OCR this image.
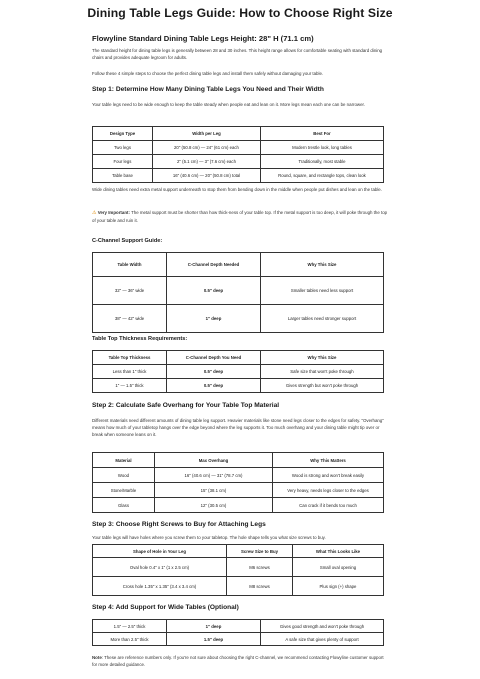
Dining Table Legs Guide: How to Choose Right Size
Flowyline Standard Dining Table Legs Height: 28" H (71.1 cm)
The standard height for dining table legs is generally between 28 and 30 inches. This height range allows for comfortable seating with standard dining chairs and provides adequate legroom for adults.
Follow these 4 simple steps to choose the perfect dining table legs and install them safely without damaging your table.
Step 1: Determine How Many Dining Table Legs You Need and Their Width
Your table legs need to be wide enough to keep the table steady when people eat and lean on it. More legs mean each one can be narrower.
Design Type	Width per Leg	Best For
Two legs	20" (50.8 cm) — 24" (61 cm) each	Modern trestle look, long tables
Four legs	2" (5.1 cm) — 3" (7.6 cm) each	Traditionally, most stable
Table base	16" (40.6 cm) — 20" (50.8 cm) total	Round, square, and rectangle tops, clean look
Wide dining tables need extra metal support underneath to stop them from bending down in the middle when people put dishes and lean on the table.
⚠ Very Important: The metal support must be shorter than how thick-ness of your table top. If the metal support is too deep, it will poke through the top of your table and ruin it.
C-Channel Support Guide:
Table Width	C-Channel Depth Needed	Why This Size
32" — 36" wide	0.5" deep	Smaller tables need less support
38" — 42" wide	1" deep	Larger tables need stronger support
Table Top Thickness Requirements:
Table Top Thickness	C-Channel Depth You Need	Why This Size
Less than 1" thick	0.5" deep	Safe size that won't poke through
1" — 1.5" thick	0.5" deep	Gives strength but won't poke through
Step 2: Calculate Safe Overhang for Your Table Top Material
Different materials need different amounts of dining table leg support. Heavier materials like stone need legs closer to the edges for safety. "Overhang" means how much of your tabletop hangs over the edge beyond where the leg supports it. Too much overhang and your dining table might tip over or break when someone leans on it.
Material	Max Overhang	Why This Matters
Wood	16" (40.6 cm) — 31" (78.7 cm)	Wood is strong and won't break easily
Stone/Marble	15" (38.1 cm)	Very heavy, needs legs closer to the edges
Glass	12" (30.5 cm)	Can crack if it bends too much
Step 3: Choose Right Screws to Buy for Attaching Legs
Your table legs will have holes where you screw them to your tabletop. The hole shape tells you what size screws to buy.
Shape of Hole in Your Leg	Screw Size to Buy	What This Looks Like
Oval hole 0.4" x 1" (1 x 2.5 cm)	M6 screws	Small oval opening
Cross hole 1.35" x 1.35" (3.4 x 3.4 cm)	M8 screws	Plus sign (+) shape
Step 4: Add Support for Wide Tables (Optional)
1.5" — 2.5" thick	1" deep	Gives good strength and won't poke through
More than 2.5" thick	1.5" deep	A safe size that gives plenty of support
Note: These are reference numbers only. If you're not sure about choosing the right C-channel, we recommend contacting Flowyline customer support for more detailed guidance.
